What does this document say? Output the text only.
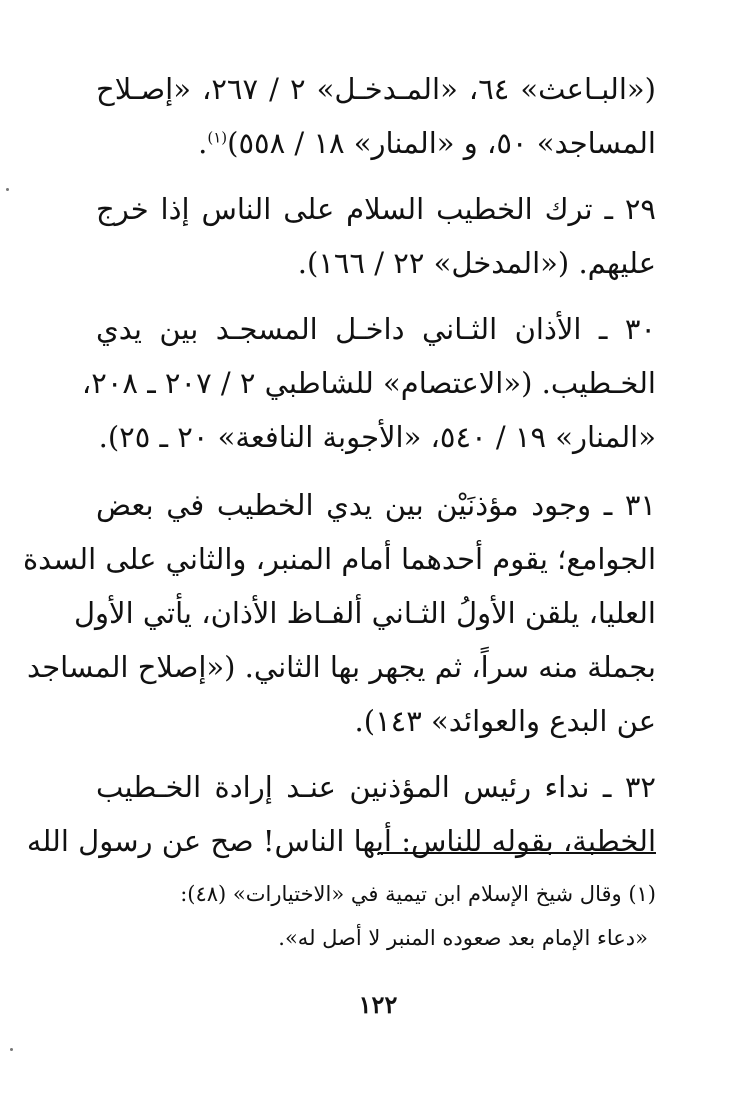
(«البـاعث» ٦٤، «المـدخـل» ٢ / ٢٦٧، «إصـلاح
المساجد» ٥٠، و «المنار» ١٨ / ٥٥٨)$^{(١)}$.
٢٩ ـ ترك الخطيب السلام على الناس إذا خرج
عليهم. («المدخل» ٢٢ / ١٦٦).
٣٠ ـ الأذان الثـاني داخـل المسجـد بين يدي
الخـطيب. («الاعتصام» للشاطبي ٢ / ٢٠٧ ـ ٢٠٨،
«المنار» ١٩ / ٥٤٠، «الأجوبة النافعة» ٢٠ ـ ٢٥).
٣١ ـ وجود مؤذنَيْن بين يدي الخطيب في بعض
الجوامع؛ يقوم أحدهما أمام المنبر، والثاني على السدة
العليا، يلقن الأولُ الثـاني ألفـاظ الأذان، يأتي الأول
بجملة منه سراً، ثم يجهر بها الثاني. («إصلاح المساجد
عن البدع والعوائد» ١٤٣).
٣٢ ـ نداء رئيس المؤذنين عنـد إرادة الخـطيب
الخطبة، بقوله للناس: أيها الناس! صح عن رسول الله
(١) وقال شيخ الإسلام ابن تيمية في «الاختيارات» (٤٨):
«دعاء الإمام بعد صعوده المنبر لا أصل له».
١٢٢
